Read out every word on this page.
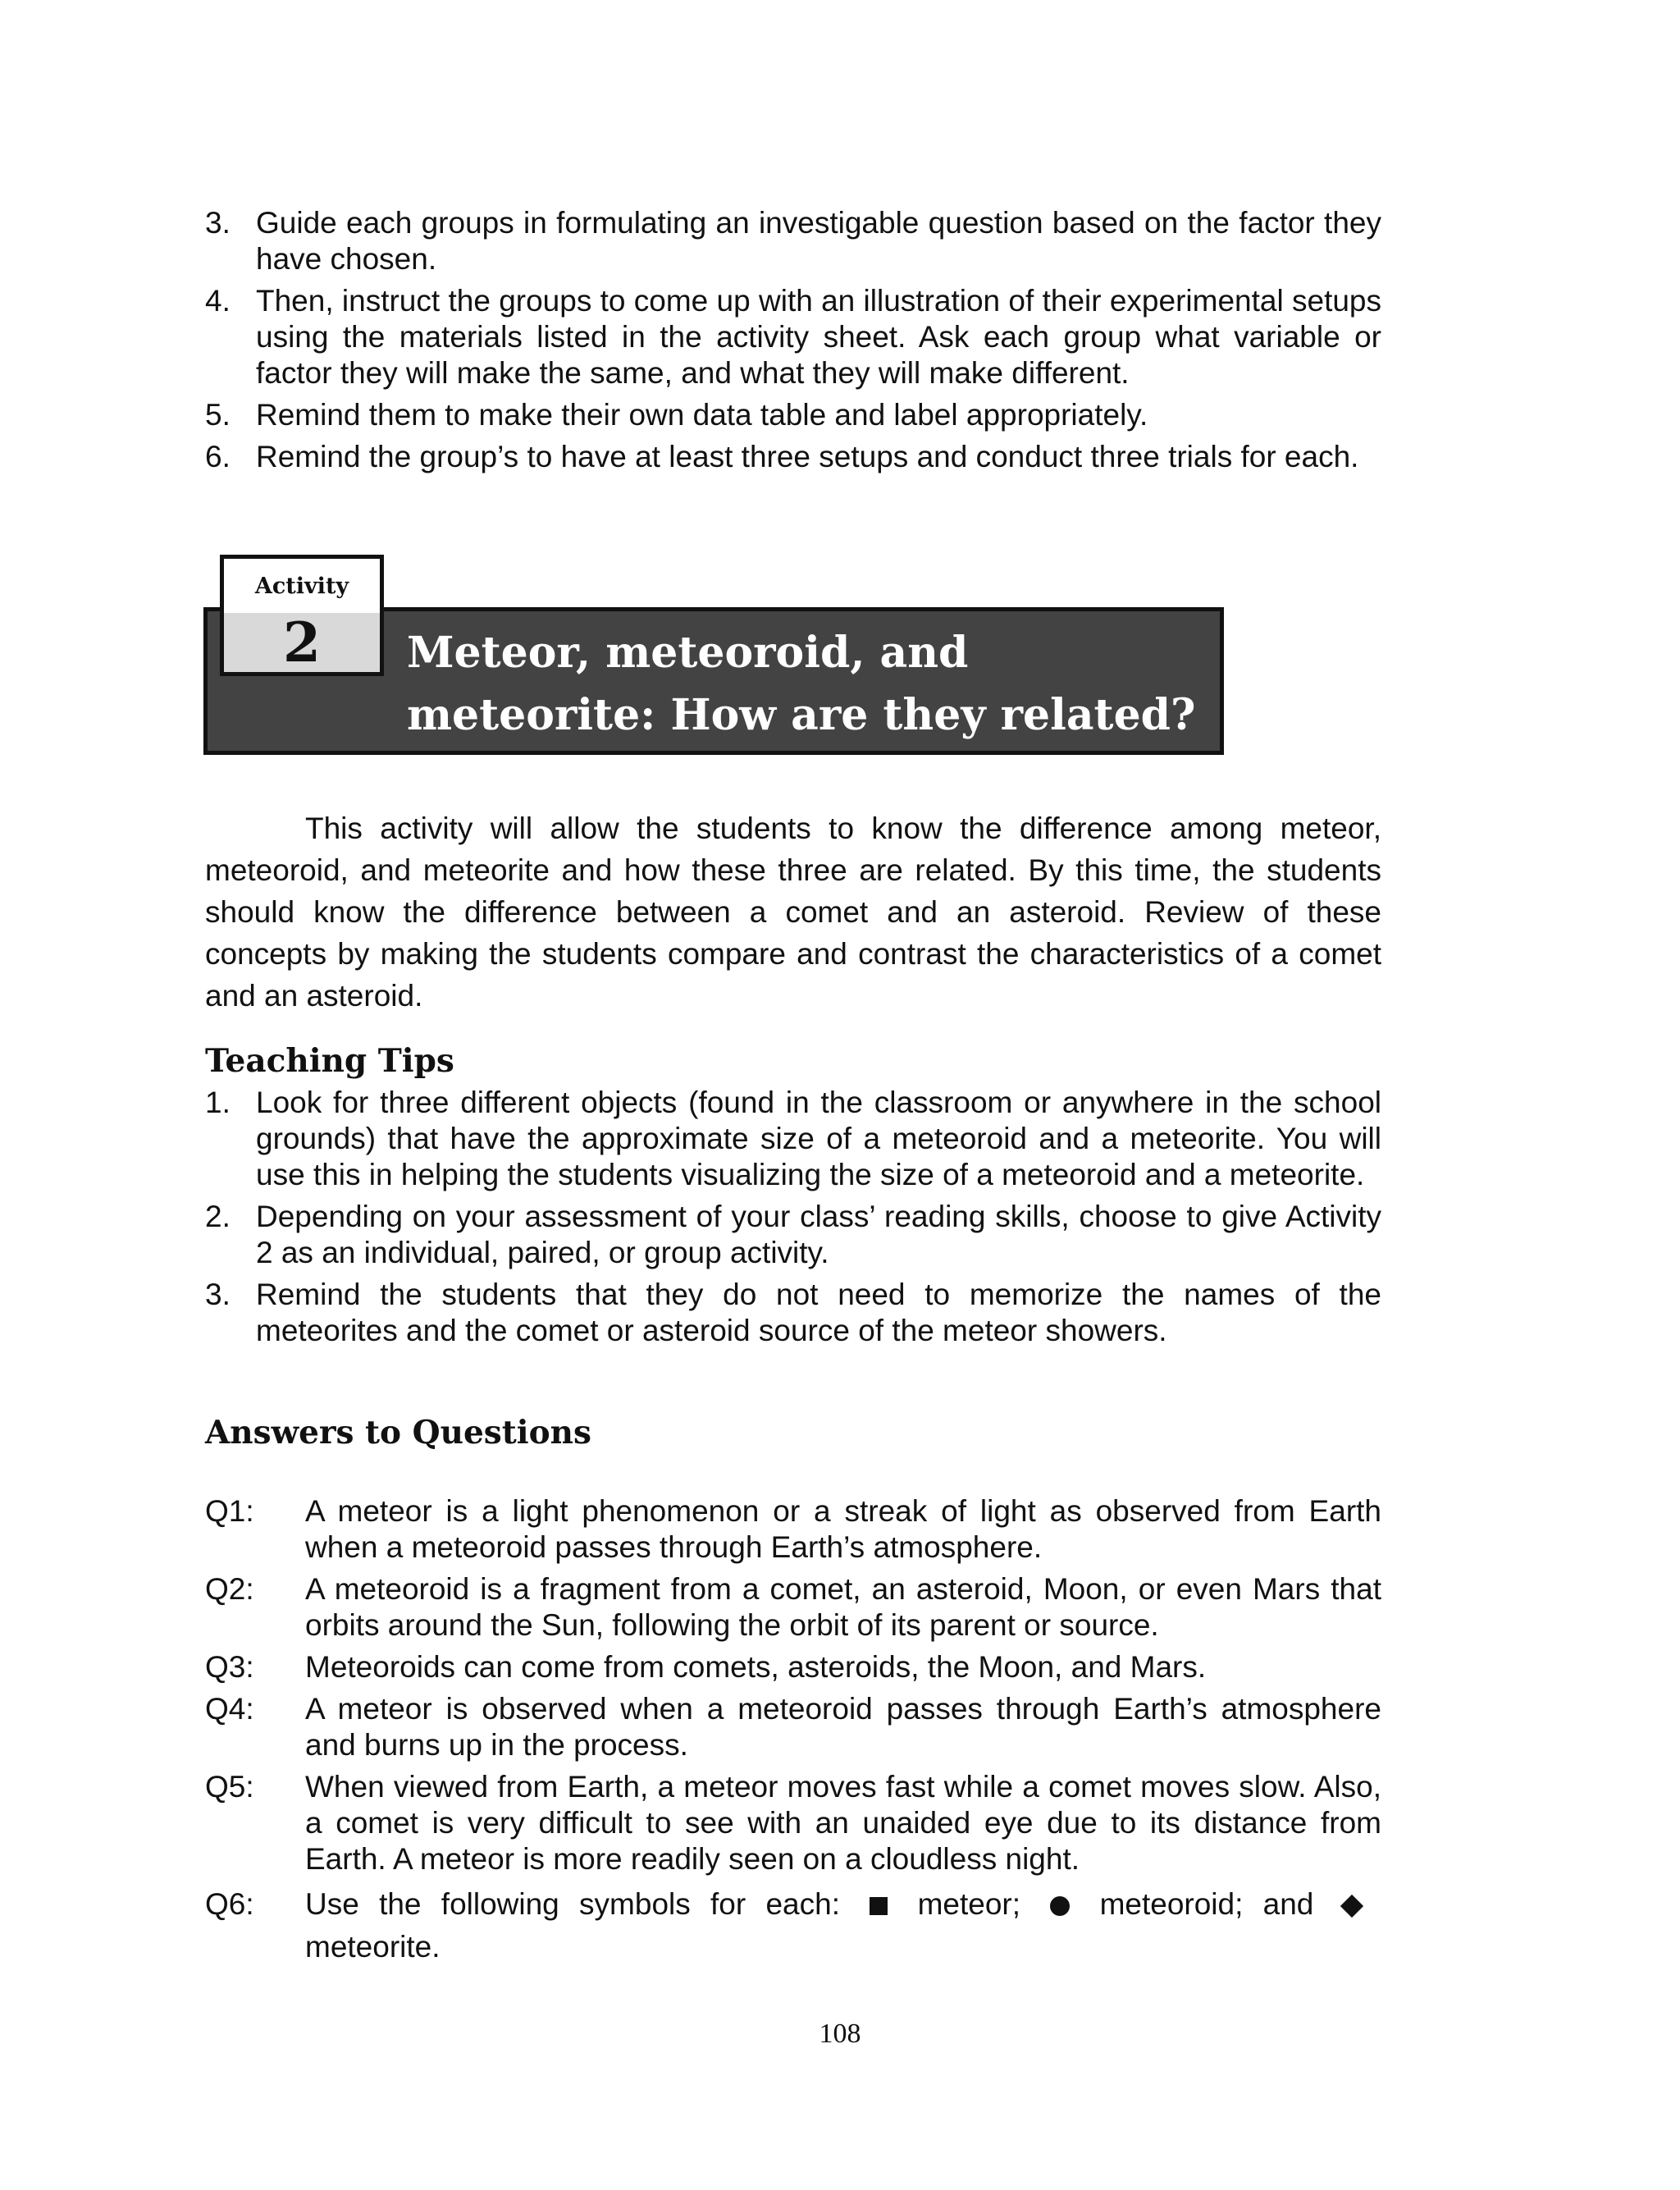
3. Guide each groups in formulating an investigable question based on the factor they have chosen.
4. Then, instruct the groups to come up with an illustration of their experimental setups using the materials listed in the activity sheet. Ask each group what variable or factor they will make the same, and what they will make different.
5. Remind them to make their own data table and label appropriately.
6. Remind the group’s to have at least three setups and conduct three trials for each.
Activity
2	Meteor, meteoroid, and meteorite: How are they related?

This activity will allow the students to know the difference among meteor, meteoroid, and meteorite and how these three are related. By this time, the students should know the difference between a comet and an asteroid. Review of these concepts by making the students compare and contrast the characteristics of a comet and an asteroid.

Teaching Tips
1. Look for three different objects (found in the classroom or anywhere in the school grounds) that have the approximate size of a meteoroid and a meteorite. You will use this in helping the students visualizing the size of a meteoroid and a meteorite.
2. Depending on your assessment of your class’ reading skills, choose to give Activity 2 as an individual, paired, or group activity.
3. Remind the students that they do not need to memorize the names of the meteorites and the comet or asteroid source of the meteor showers.
Answers to Questions
Q1: A meteor is a light phenomenon or a streak of light as observed from Earth when a meteoroid passes through Earth’s atmosphere.
Q2: A meteoroid is a fragment from a comet, an asteroid, Moon, or even Mars that orbits around the Sun, following the orbit of its parent or source.
Q3: Meteoroids can come from comets, asteroids, the Moon, and Mars.
Q4: A meteor is observed when a meteoroid passes through Earth’s atmosphere and burns up in the process.
Q5: When viewed from Earth, a meteor moves fast while a comet moves slow. Also, a comet is very difficult to see with an unaided eye due to its distance from Earth. A meteor is more readily seen on a cloudless night.
Q6: Use the following symbols for each:	meteor;	meteoroid; and
meteorite.
108
